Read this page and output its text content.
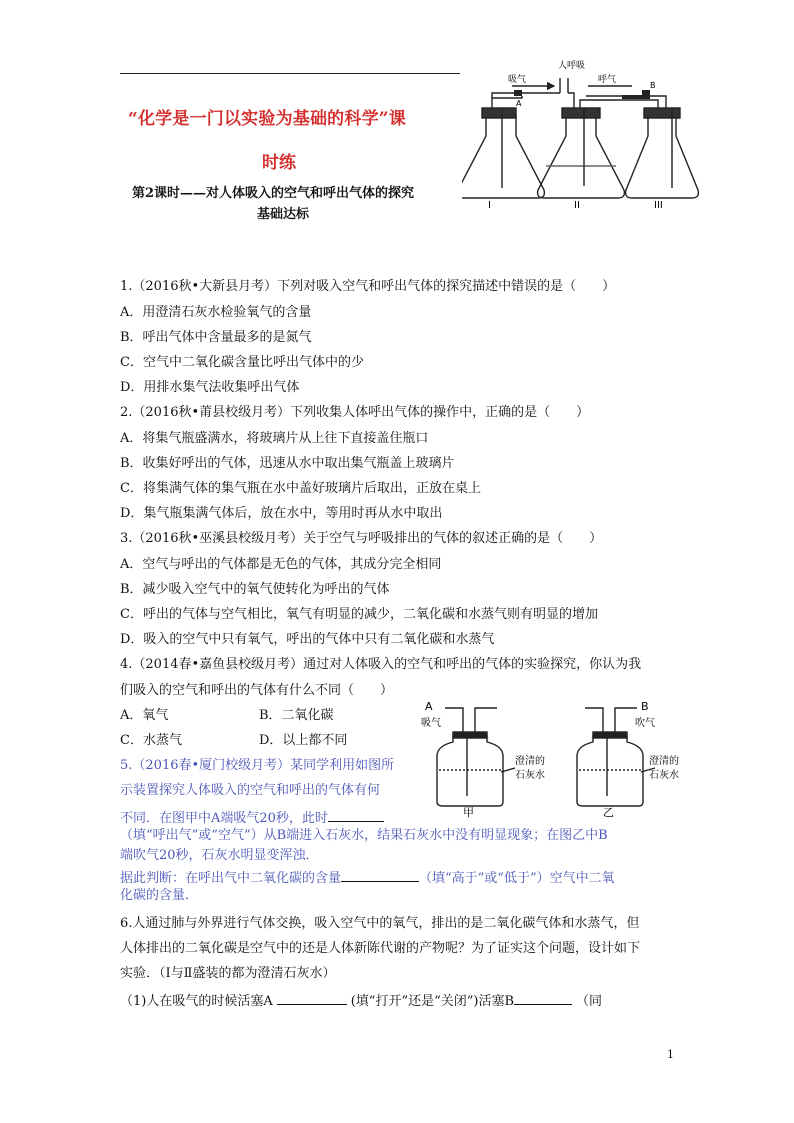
“化学是一门以实验为基础的科学”课
时练
第2课时——对人体吸入的空气和呼出气体的探究
基础达标
吸气
人呼吸
呼气
A
B
I	II	III
1.（2016秋•大新县月考）下列对吸入空气和呼出气体的探究描述中错误的是（　　）
A．用澄清石灰水检验氧气的含量
B．呼出气体中含量最多的是氮气
C．空气中二氧化碳含量比呼出气体中的少
D．用排水集气法收集呼出气体
2.（2016秋•莆县校级月考）下列收集人体呼出气体的操作中，正确的是（　　）
A．将集气瓶盛满水，将玻璃片从上往下直接盖住瓶口
B．收集好呼出的气体，迅速从水中取出集气瓶盖上玻璃片
C．将集满气体的集气瓶在水中盖好玻璃片后取出，正放在桌上
D．集气瓶集满气体后，放在水中，等用时再从水中取出
3.（2016秋•巫溪县校级月考）关于空气与呼吸排出的气体的叙述正确的是（　　）
A．空气与呼出的气体都是无色的气体，其成分完全相同
B．减少吸入空气中的氧气使转化为呼出的气体
C．呼出的气体与空气相比，氧气有明显的减少，二氧化碳和水蒸气则有明显的增加
D．吸入的空气中只有氧气，呼出的气体中只有二氧化碳和水蒸气
4.（2014春•嘉鱼县校级月考）通过对人体吸入的空气和呼出的气体的实验探究，你认为我
们吸入的空气和呼出的气体有什么不同（　　）
A．氧气	B．二氧化碳
C．水蒸气	D．以上都不同
5.（2016春•厦门校级月考）某同学利用如图所
示装置探究人体吸入的空气和呼出的气体有何
不同．在图甲中A端吸气20秒，此时
（填“呼出气”或“空气”）从B端进入石灰水，结果石灰水中没有明显现象；在图乙中B
端吹气20秒，石灰水明显变浑浊．
据此判断：在呼出气中二氧化碳的含量	（填“高于”或“低于”）空气中二氧
化碳的含量．
A
吸气
澄清的
石灰水
甲
B
吹气
澄清的
石灰水
乙
6.人通过肺与外界进行气体交换，吸入空气中的氧气，排出的是二氧化碳气体和水蒸气，但
人体排出的二氧化碳是空气中的还是人体新陈代谢的产物呢？为了证实这个问题，设计如下
实验．（Ⅰ与Ⅱ盛装的都为澄清石灰水）
（1)人在吸气的时候活塞A	(填“打开”还是“关闭”)活塞B	（同
1
